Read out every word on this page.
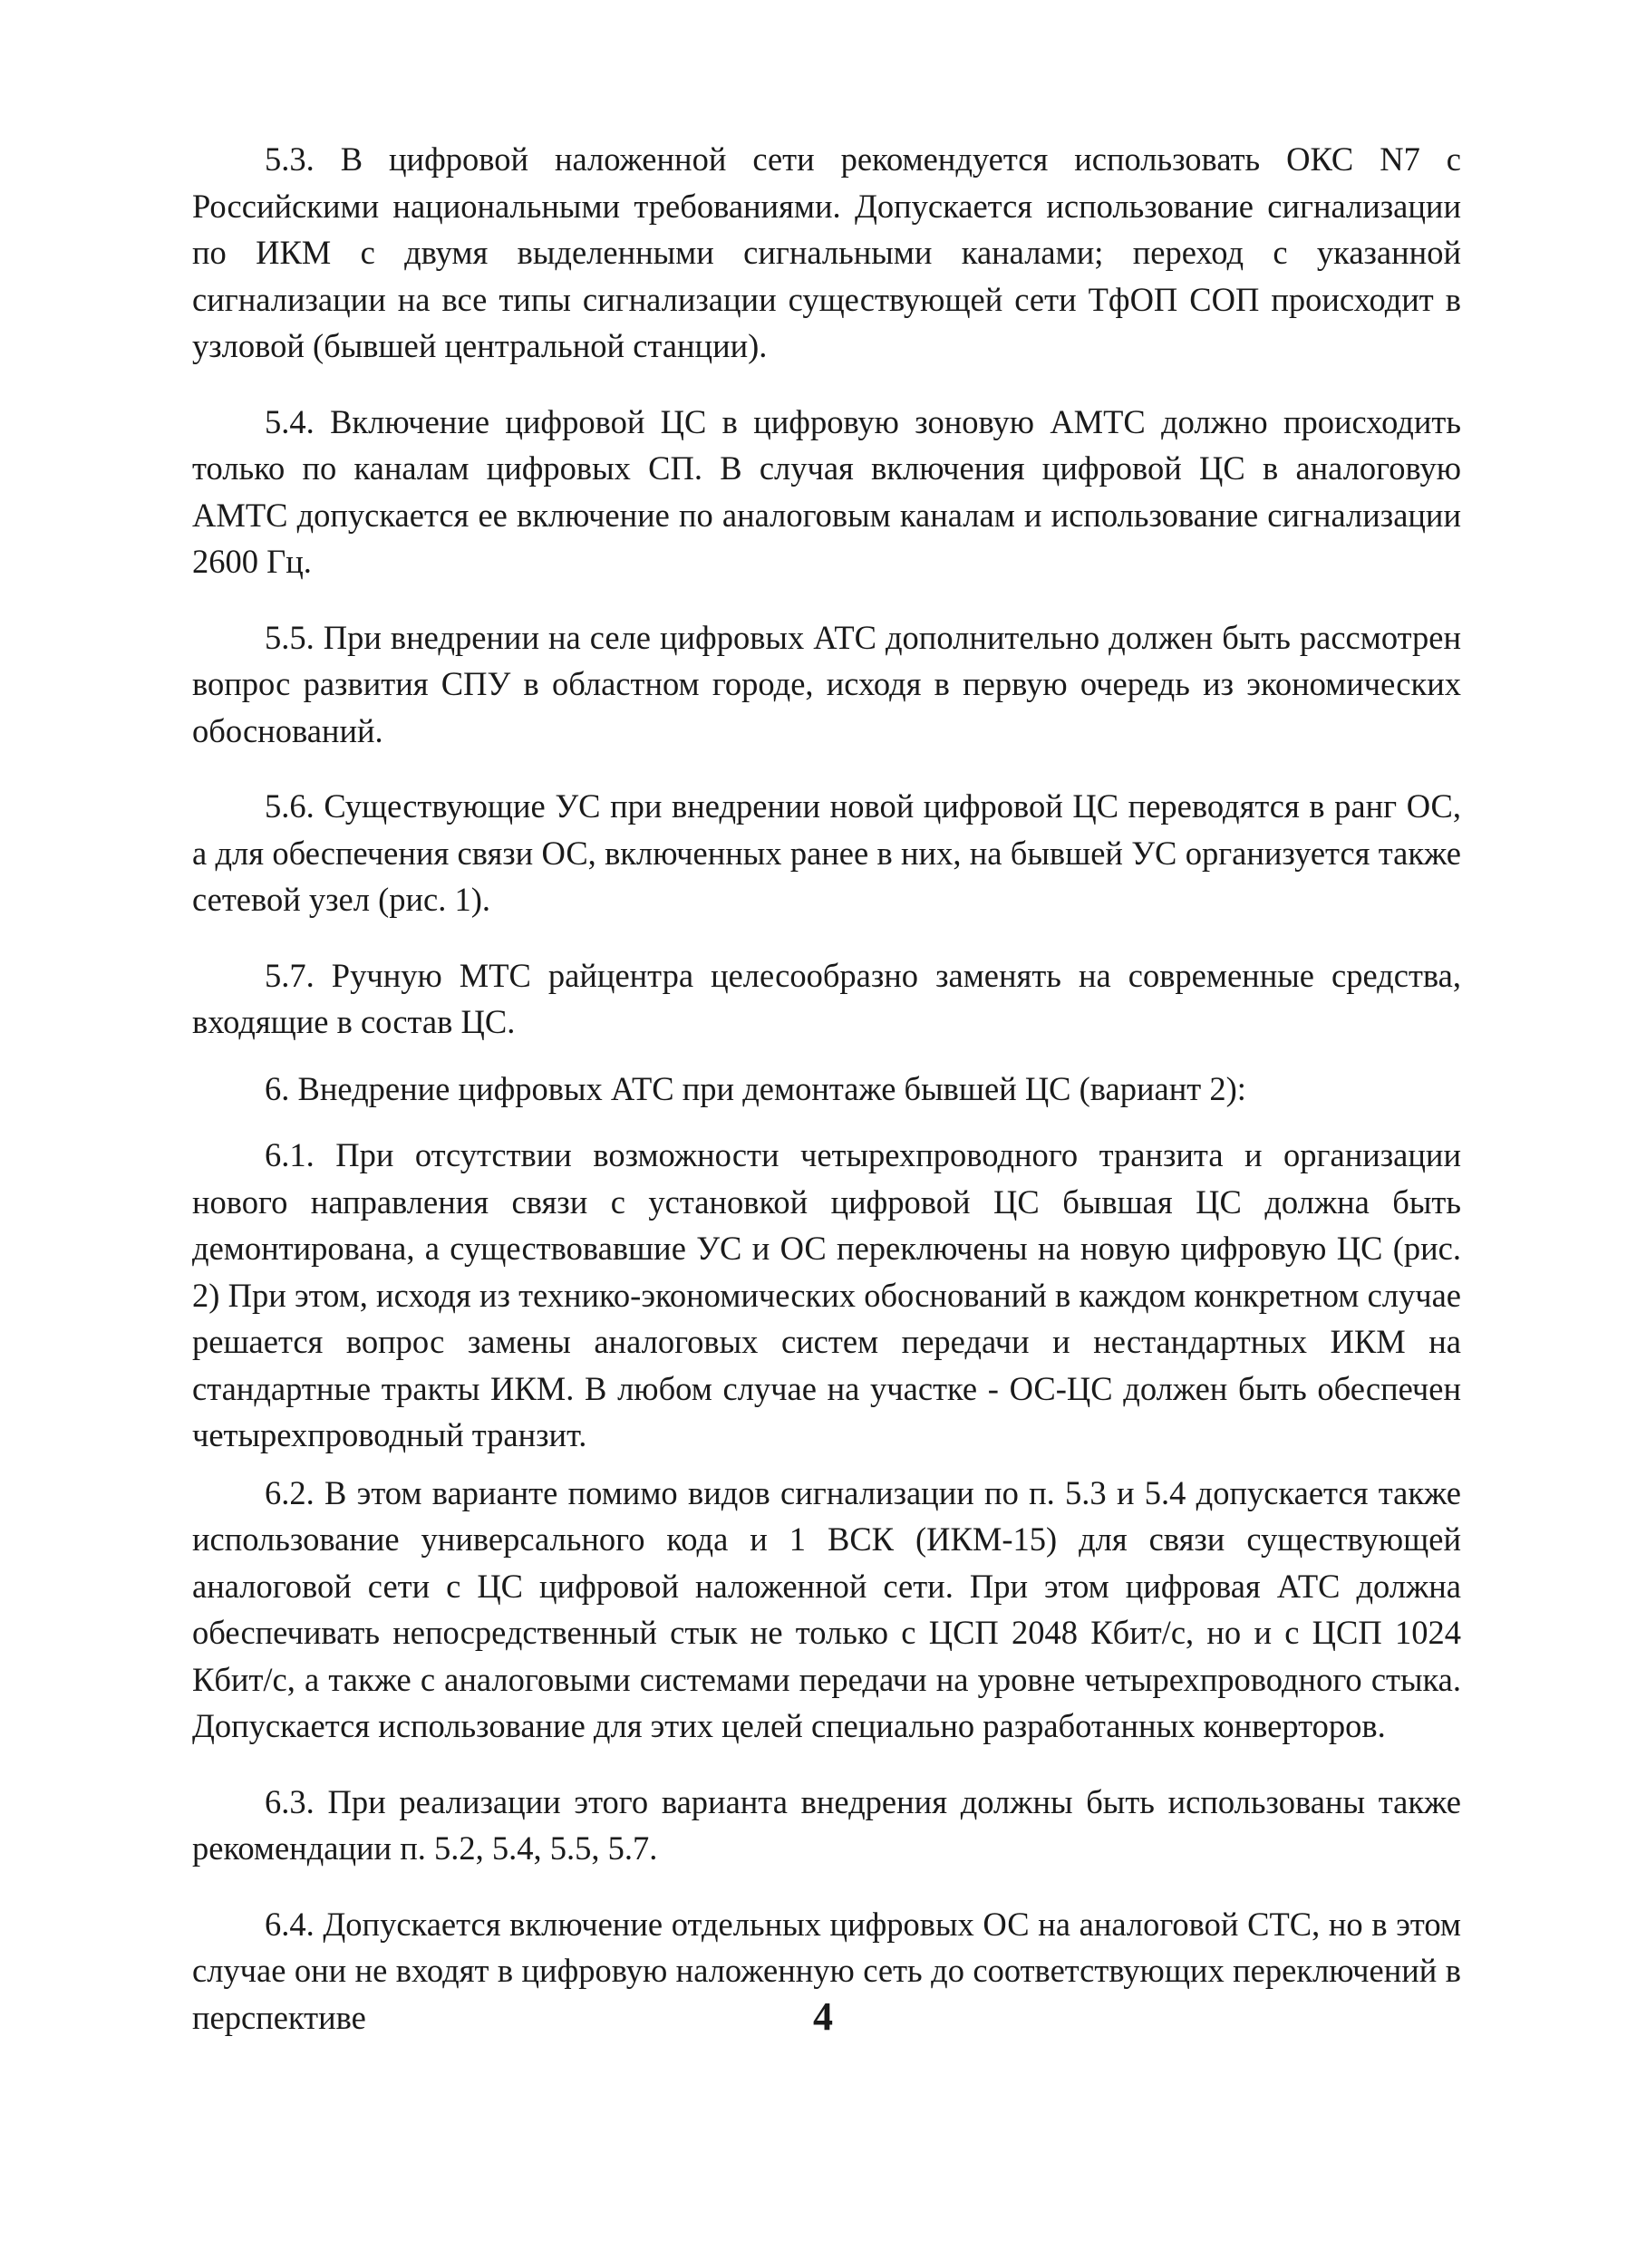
5.3. В цифровой наложенной сети рекомендуется использовать ОКС N7 с Российскими национальными требованиями. Допускается использование сигнализации по ИКМ с двумя выделенными сигнальными каналами; переход с указанной сигнализации на все типы сигнализации существующей сети ТфОП СОП происходит в узловой (бывшей центральной станции).

5.4. Включение цифровой ЦС в цифровую зоновую АМТС должно происходить только по каналам цифровых СП. В случая включения цифровой ЦС в аналоговую АМТС допускается ее включение по аналоговым каналам и использование сигнализации 2600 Гц.

5.5. При внедрении на селе цифровых АТС дополнительно должен быть рассмотрен вопрос развития СПУ в областном городе, исходя в первую очередь из экономических обоснований.

5.6. Существующие УС при внедрении новой цифровой ЦС переводятся в ранг ОС, а для обеспечения связи ОС, включенных ранее в них, на бывшей УС организуется также сетевой узел (рис. 1).

5.7. Ручную МТС райцентра целесообразно заменять на современные средства, входящие в состав ЦС.

6. Внедрение цифровых АТС при демонтаже бывшей ЦС (вариант 2):

6.1. При отсутствии возможности четырехпроводного транзита и организации нового направления связи с установкой цифровой ЦС бывшая ЦС должна быть демонтирована, а существовавшие УС и ОС переключены на новую цифровую ЦС (рис. 2) При этом, исходя из технико-экономических обоснований в каждом конкретном случае решается вопрос замены аналоговых систем передачи и нестандартных ИКМ на стандартные тракты ИКМ. В любом случае на участке - ОС-ЦС должен быть обеспечен четырехпроводный транзит.

6.2. В этом варианте помимо видов сигнализации по п. 5.3 и 5.4 допускается также использование универсального кода и 1 ВСК (ИКМ-15) для связи существующей аналоговой сети с ЦС цифровой наложенной сети. При этом цифровая АТС должна обеспечивать непосредственный стык не только с ЦСП 2048 Кбит/с, но и с ЦСП 1024 Кбит/с, а также с аналоговыми системами передачи на уровне четырехпроводного стыка. Допускается использование для этих целей специально разработанных конверторов.

6.3. При реализации этого варианта внедрения должны быть использованы также рекомендации п. 5.2, 5.4, 5.5, 5.7.

6.4. Допускается включение отдельных цифровых ОС на аналоговой СТС, но в этом случае они не входят в цифровую наложенную сеть до соответствующих переключений в перспективе	4
